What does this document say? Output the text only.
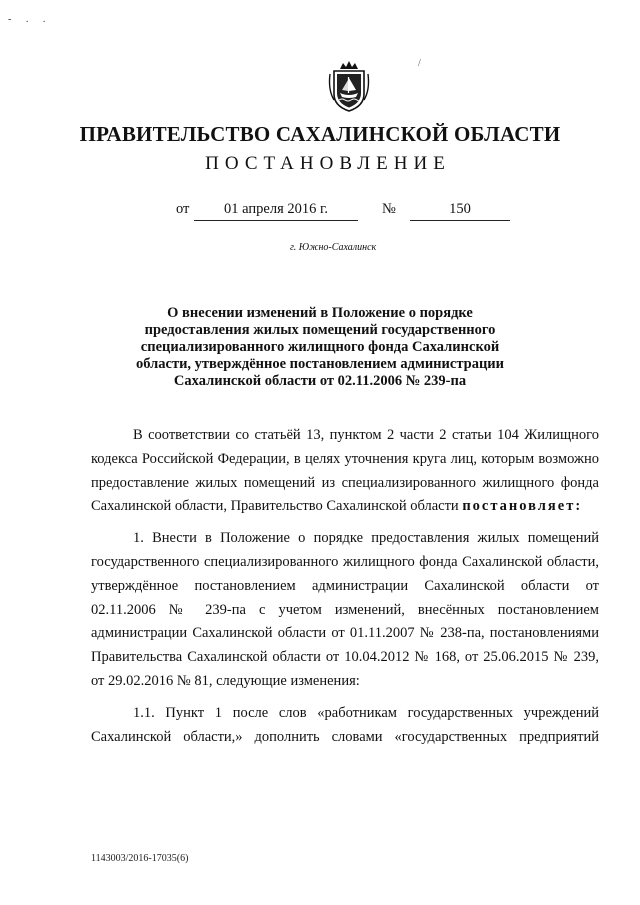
- . .
/
ПРАВИТЕЛЬСТВО САХАЛИНСКОЙ ОБЛАСТИ
ПОСТАНОВЛЕНИЕ
от	01 апреля 2016 г.	№	150
г. Южно-Сахалинск
О внесении изменений в Положение о порядке предоставления жилых помещений государственного специализированного жилищного фонда Сахалинской области, утверждённое постановлением администрации Сахалинской области от 02.11.2006 № 239-па

В соответствии со статьёй 13, пунктом 2 части 2 статьи 104 Жилищного кодекса Российской Федерации, в целях уточнения круга лиц, которым возможно предоставление жилых помещений из специализированного жилищного фонда Сахалинской области, Правительство Сахалинской области постановляет:

1. Внести в Положение о порядке предоставления жилых помещений государственного специализированного жилищного фонда Сахалинской области, утверждённое постановлением администрации Сахалинской области от 02.11.2006 № 239-па с учетом изменений, внесённых постановлением администрации Сахалинской области от 01.11.2007 № 238-па, постановлениями Правительства Сахалинской области от 10.04.2012 № 168, от 25.06.2015 № 239, от 29.02.2016 № 81, следующие изменения:

1.1. Пункт 1 после слов «работникам государственных учреждений Сахалинской области,» дополнить словами «государственных предприятий

1143003/2016-17035(6)
